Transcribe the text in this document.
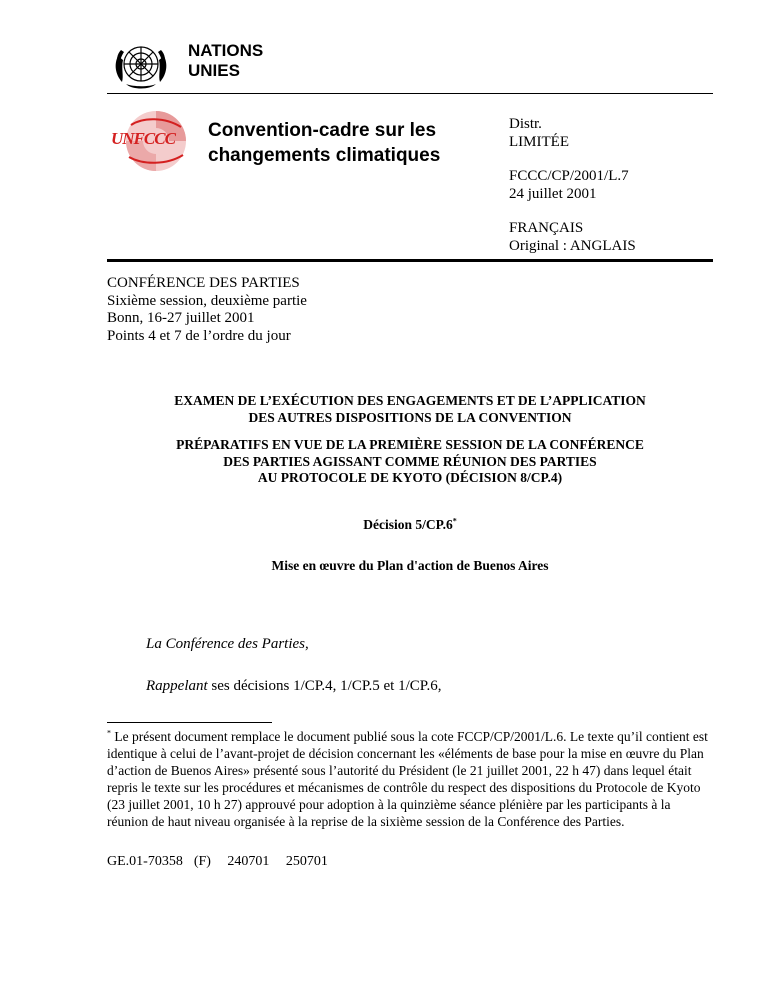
NATIONS
UNIES
UNFCCC Convention-cadre sur les
changements climatiques
Distr.
LIMITÉE
FCCC/CP/2001/L.7
24 juillet 2001
FRANÇAIS
Original : ANGLAIS
CONFÉRENCE DES PARTIES
Sixième session, deuxième partie
Bonn, 16-27 juillet 2001
Points 4 et 7 de l’ordre du jour
EXAMEN DE L’EXÉCUTION DES ENGAGEMENTS ET DE L’APPLICATION
DES AUTRES DISPOSITIONS DE LA CONVENTION
PRÉPARATIFS EN VUE DE LA PREMIÈRE SESSION DE LA CONFÉRENCE
DES PARTIES AGISSANT COMME RÉUNION DES PARTIES
AU PROTOCOLE DE KYOTO (DÉCISION 8/CP.4)
Décision 5/CP.6*
Mise en œuvre du Plan d'action de Buenos Aires
La Conférence des Parties,
Rappelant ses décisions 1/CP.4, 1/CP.5 et 1/CP.6,
* Le présent document remplace le document publié sous la cote FCCP/CP/2001/L.6. Le texte qu’il contient est identique à celui de l’avant-projet de décision concernant les «éléments de base pour la mise en œuvre du Plan d’action de Buenos Aires» présenté sous l’autorité du Président (le 21 juillet 2001, 22 h 47) dans lequel était repris le texte sur les procédures et mécanismes de contrôle du respect des dispositions du Protocole de Kyoto (23 juillet 2001, 10 h 27) approuvé pour adoption à la quinzième séance plénière par les participants à la réunion de haut niveau organisée à la reprise de la sixième session de la Conférence des Parties.
GE.01-70358  (F)   240701   250701
